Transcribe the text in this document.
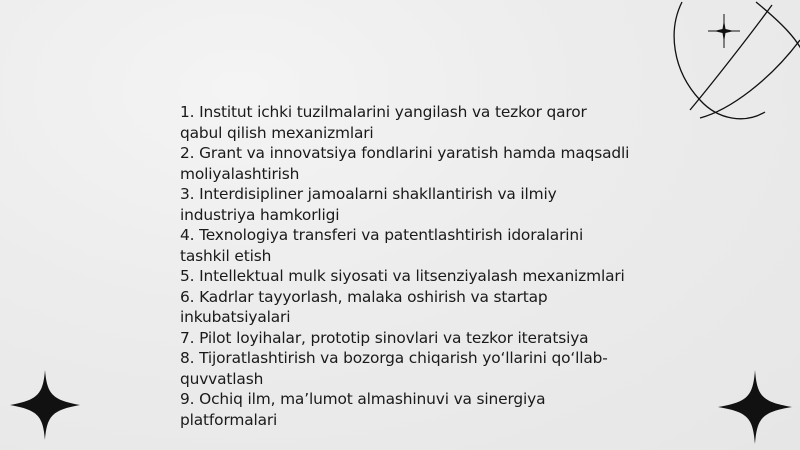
1. Institut ichki tuzilmalarini yangilash va tezkor qaror qabul qilish mexanizmlari
2. Grant va innovatsiya fondlarini yaratish hamda maqsadli moliyalashtirish
3. Interdisipliner jamoalarni shakllantirish va ilmiy industriya hamkorligi
4. Texnologiya transferi va patentlashtirish idoralarini tashkil etish
5. Intellektual mulk siyosati va litsenziyalash mexanizmlari
6. Kadrlar tayyorlash, malaka oshirish va startap inkubatsiyalari
7. Pilot loyihalar, prototip sinovlari va tezkor iteratsiya
8. Tijoratlashtirish va bozorga chiqarish yo‘llarini qo‘llab-quvvatlash
9. Ochiq ilm, ma’lumot almashinuvi va sinergiya platformalari
